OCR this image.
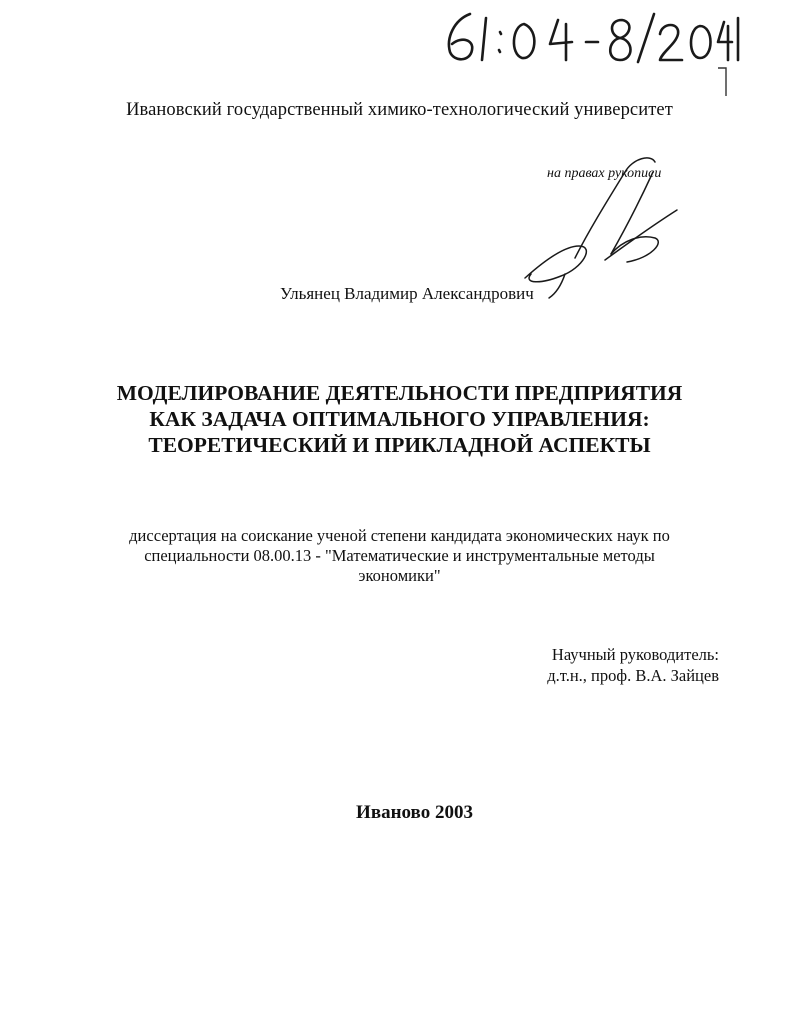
Ивановский государственный химико-технологический университет
на правах рукописи
Ульянец Владимир Александрович
МОДЕЛИРОВАНИЕ ДЕЯТЕЛЬНОСТИ ПРЕДПРИЯТИЯ
КАК ЗАДАЧА ОПТИМАЛЬНОГО УПРАВЛЕНИЯ:
ТЕОРЕТИЧЕСКИЙ И ПРИКЛАДНОЙ АСПЕКТЫ
диссертация на соискание ученой степени кандидата экономических наук по
специальности 08.00.13 - "Математические и инструментальные методы
экономики"
Научный руководитель:
д.т.н., проф. В.А. Зайцев
Иваново 2003
